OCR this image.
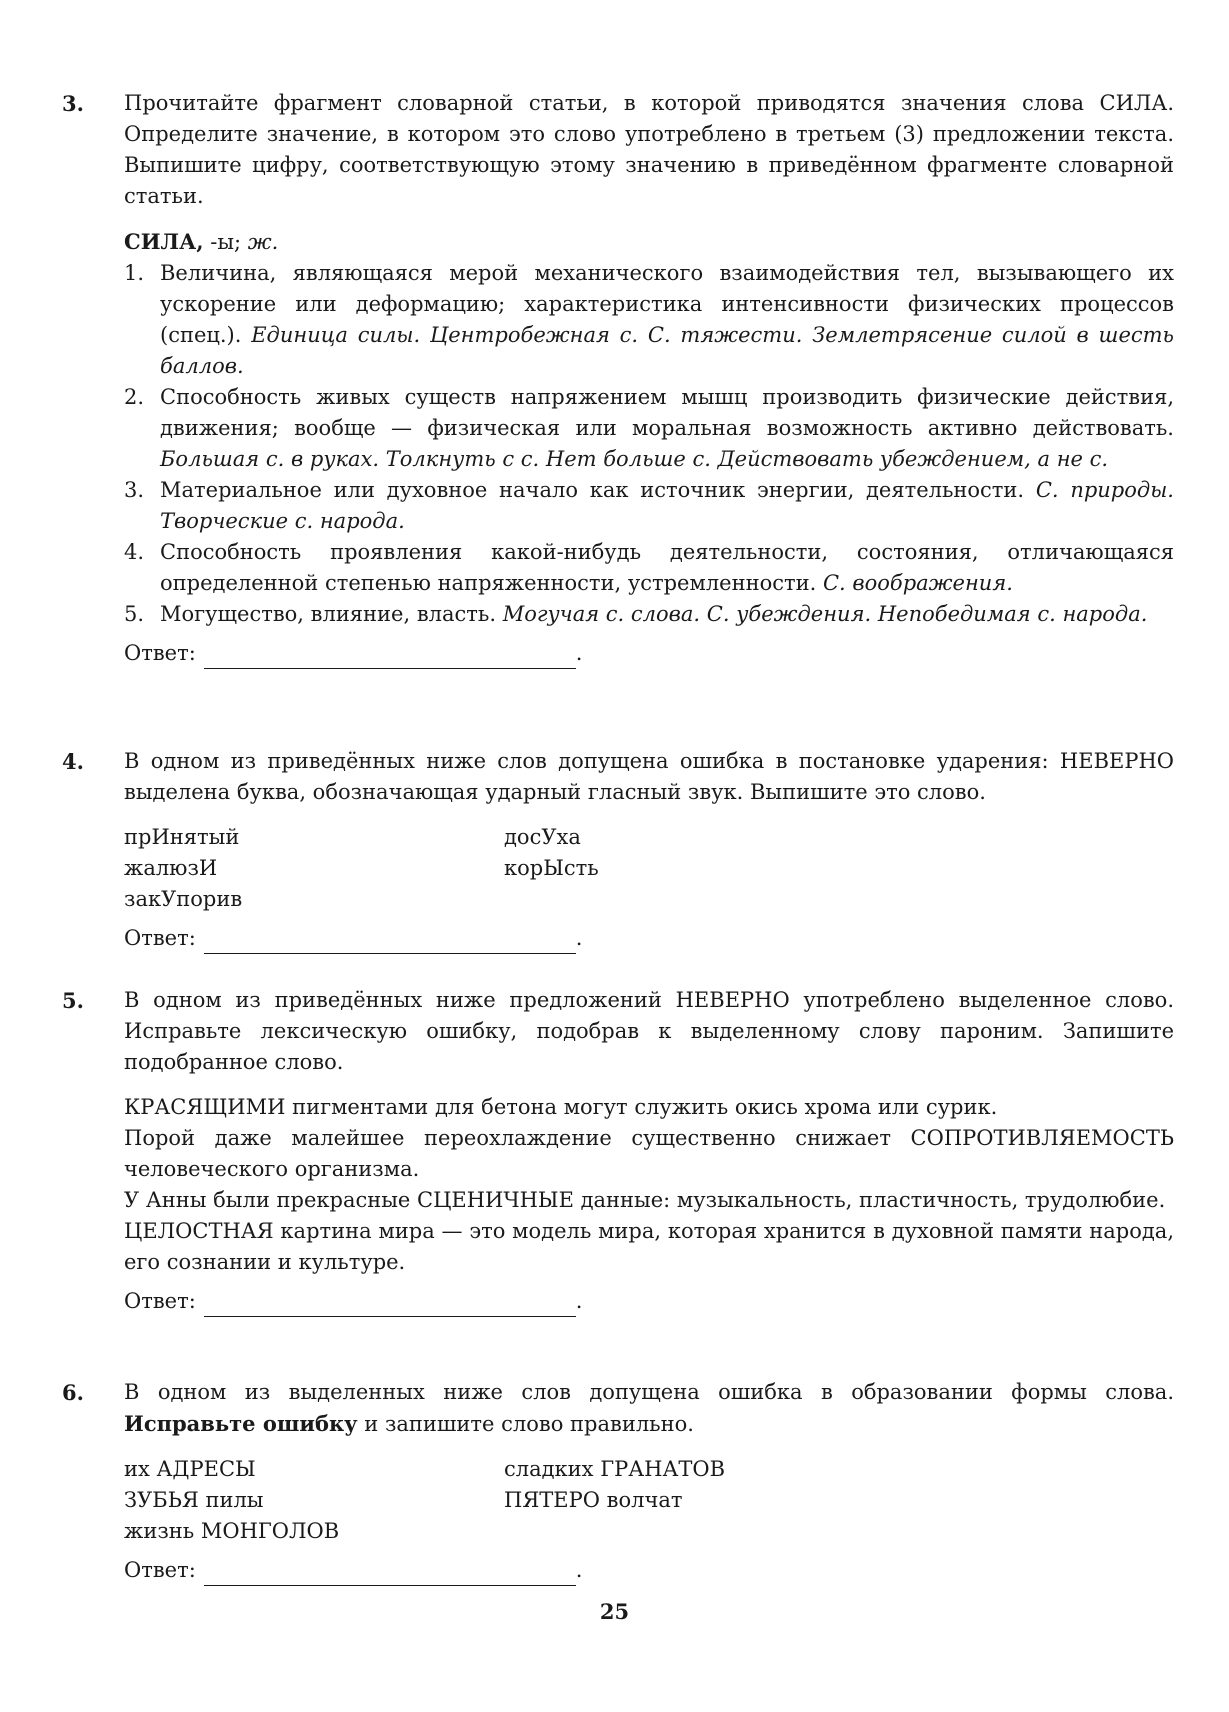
3. Прочитайте фрагмент словарной статьи, в которой приводятся значения слова СИЛА. Определите значение, в котором это слово употреблено в третьем (3) предложении текста. Выпишите цифру, соответствующую этому значению в приведённом фрагменте словарной статьи.

СИЛА, -ы; ж.

1. Величина, являющаяся мерой механического взаимодействия тел, вызывающего их ускорение или деформацию; характеристика интенсивности физических процессов (спец.). Единица силы. Центробежная с. С. тяжести. Землетрясение силой в шесть баллов.
2. Способность живых существ напряжением мышц производить физические действия, движения; вообще — физическая или моральная возможность активно действовать. Большая с. в руках. Толкнуть с с. Нет больше с. Действовать убеждением, а не с.
3. Материальное или духовное начало как источник энергии, деятельности. С. природы. Творческие с. народа.
4. Способность проявления какой-нибудь деятельности, состояния, отличающаяся определенной степенью напряженности, устремленности. С. воображения.
5. Могущество, влияние, власть. Могучая с. слова. С. убеждения. Непобедимая с. народа.

Ответ:	.

4. В одном из приведённых ниже слов допущена ошибка в постановке ударения: НЕВЕРНО выделена буква, обозначающая ударный гласный звук. Выпишите это слово.

прИнятый
жалюзИ
закУпорив
досУха
корЫсть

Ответ:	.

5. В одном из приведённых ниже предложений НЕВЕРНО употреблено выделенное слово. Исправьте лексическую ошибку, подобрав к выделенному слову пароним. Запишите подобранное слово.

КРАСЯЩИМИ пигментами для бетона могут служить окись хрома или сурик.

Порой даже малейшее переохлаждение существенно снижает СОПРОТИВЛЯЕМОСТЬ человеческого организма.

У Анны были прекрасные СЦЕНИЧНЫЕ данные: музыкальность, пластичность, трудолюбие.

ЦЕЛОСТНАЯ картина мира — это модель мира, которая хранится в духовной памяти народа, его сознании и культуре.

Ответ:	.

6. В одном из выделенных ниже слов допущена ошибка в образовании формы слова. Исправьте ошибку и запишите слово правильно.

их АДРЕСЫ
ЗУБЬЯ пилы
жизнь МОНГОЛОВ
сладких ГРАНАТОВ
ПЯТЕРО волчат

Ответ:	.

25
